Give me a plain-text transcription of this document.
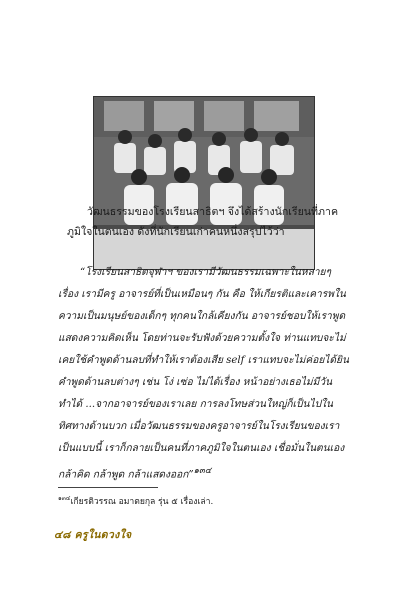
วัฒนธรรมของโรงเรียนสาธิตฯ จึงได้สร้างนักเรียนที่ภาคภูมิใจในตนเอง ดังที่นักเรียนเก่าคนหนึ่งสรุปไว้ว่า
“โรงเรียนสาธิตจุฬาฯ ของเรามีวัฒนธรรมเฉพาะในหลายๆ เรื่อง เรามีครู อาจารย์ที่เป็นเหมือนๆ กัน คือ ให้เกียรติและเคารพในความเป็นมนุษย์ของเด็กๆ ทุกคนใกล้เคียงกัน อาจารย์ชอบให้เราพูด แสดงความคิดเห็น โดยท่านจะรับฟังด้วยความตั้งใจ ท่านแทบจะไม่เคยใช้คำพูดด้านลบที่ทำให้เราต้องเสีย self เราแทบจะไม่ค่อยได้ยินคำพูดด้านลบต่างๆ เช่น โง่ เซ่อ ไม่ได้เรื่อง หน้าอย่างเธอไม่มีวันทำได้ ...จากอาจารย์ของเราเลย การลงโทษส่วนใหญ่ก็เป็นไปในทิศทางด้านบวก เมื่อวัฒนธรรมของครูอาจารย์ในโรงเรียนของเราเป็นแบบนี้ เราก็กลายเป็นคนที่ภาคภูมิใจในตนเอง เชื่อมั่นในตนเอง กล้าคิด กล้าพูด กล้าแสดงออก”$^{๑๓๔}$
$^{๑๓๔}$เกียรติวรรณ อมาตยกุล รุ่น ๕ เรื่องเล่า.
๔๘ ครูในดวงใจ
